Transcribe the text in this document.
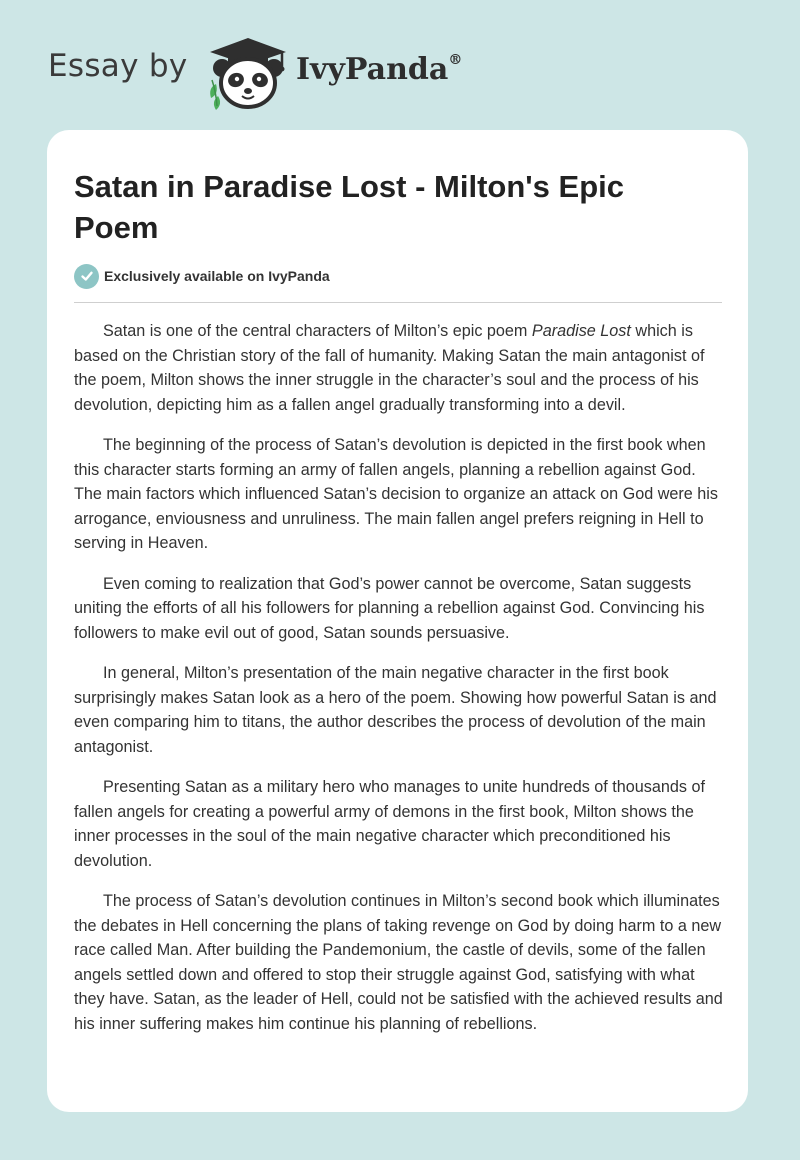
Essay by	IvyPanda®
Satan in Paradise Lost - Milton's Epic Poem
Exclusively available on IvyPanda

Satan is one of the central characters of Milton’s epic poem Paradise Lost which is based on the Christian story of the fall of humanity. Making Satan the main antagonist of the poem, Milton shows the inner struggle in the character’s soul and the process of his devolution, depicting him as a fallen angel gradually transforming into a devil.

The beginning of the process of Satan’s devolution is depicted in the first book when this character starts forming an army of fallen angels, planning a rebellion against God. The main factors which influenced Satan’s decision to organize an attack on God were his arrogance, enviousness and unruliness. The main fallen angel prefers reigning in Hell to serving in Heaven.

Even coming to realization that God’s power cannot be overcome, Satan suggests uniting the efforts of all his followers for planning a rebellion against God. Convincing his followers to make evil out of good, Satan sounds persuasive.

In general, Milton’s presentation of the main negative character in the first book surprisingly makes Satan look as a hero of the poem. Showing how powerful Satan is and even comparing him to titans, the author describes the process of devolution of the main antagonist.

Presenting Satan as a military hero who manages to unite hundreds of thousands of fallen angels for creating a powerful army of demons in the first book, Milton shows the inner processes in the soul of the main negative character which preconditioned his devolution.

The process of Satan’s devolution continues in Milton’s second book which illuminates the debates in Hell concerning the plans of taking revenge on God by doing harm to a new race called Man. After building the Pandemonium, the castle of devils, some of the fallen angels settled down and offered to stop their struggle against God, satisfying with what they have. Satan, as the leader of Hell, could not be satisfied with the achieved results and his inner suffering makes him continue his planning of rebellions.
